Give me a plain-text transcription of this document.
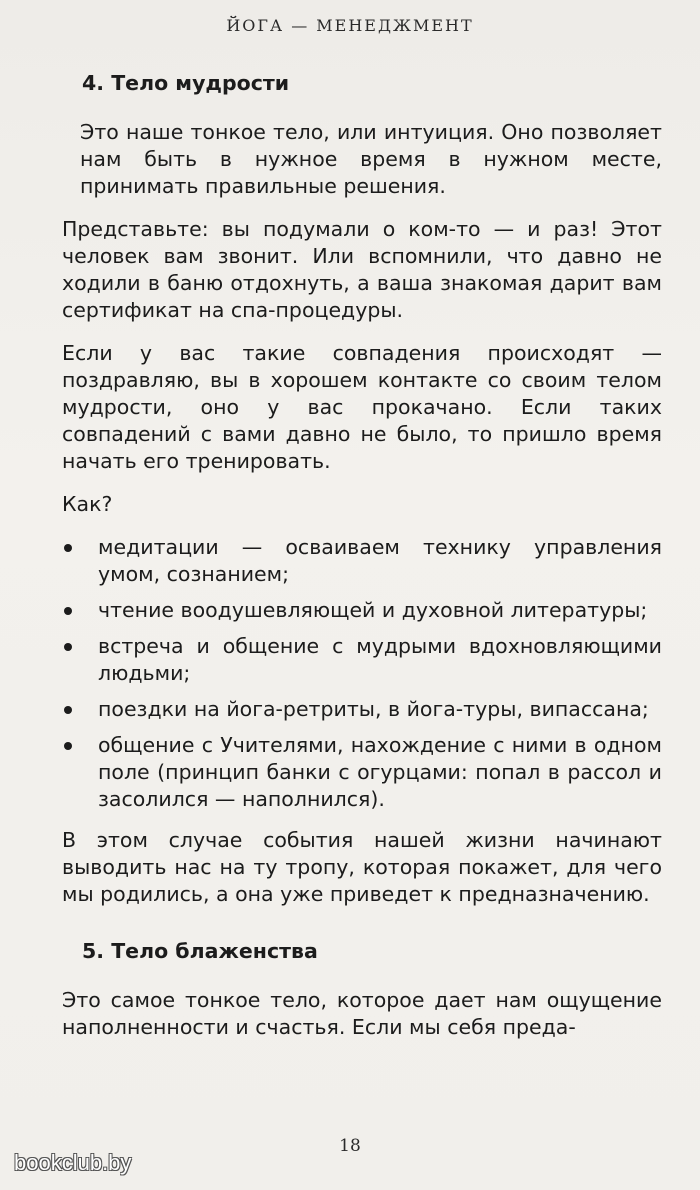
ЙОГА — МЕНЕДЖМЕНТ
4. Тело мудрости

Это наше тонкое тело, или интуиция. Оно позволяет нам быть в нужное время в нужном месте, принимать правильные решения.

Представьте: вы подумали о ком-то — и раз! Этот человек вам звонит. Или вспомнили, что давно не ходили в баню отдохнуть, а ваша знакомая дарит вам сертификат на спа-процедуры.

Если у вас такие совпадения происходят — поздравляю, вы в хорошем контакте со своим телом мудрости, оно у вас прокачано. Если таких совпадений с вами давно не было, то пришло время начать его тренировать.

Как?

медитации — осваиваем технику управления умом, сознанием;
чтение воодушевляющей и духовной литературы;
встреча и общение с мудрыми вдохновляющими людьми;
поездки на йога-ретриты, в йога-туры, випассана;
общение с Учителями, нахождение с ними в одном поле (принцип банки с огурцами: попал в рассол и засолился — наполнился).

В этом случае события нашей жизни начинают выводить нас на ту тропу, которая покажет, для чего мы родились, а она уже приведет к предназначению.

5. Тело блаженства

Это самое тонкое тело, которое дает нам ощущение наполненности и счастья. Если мы себя преда-

18
bookclub.by
